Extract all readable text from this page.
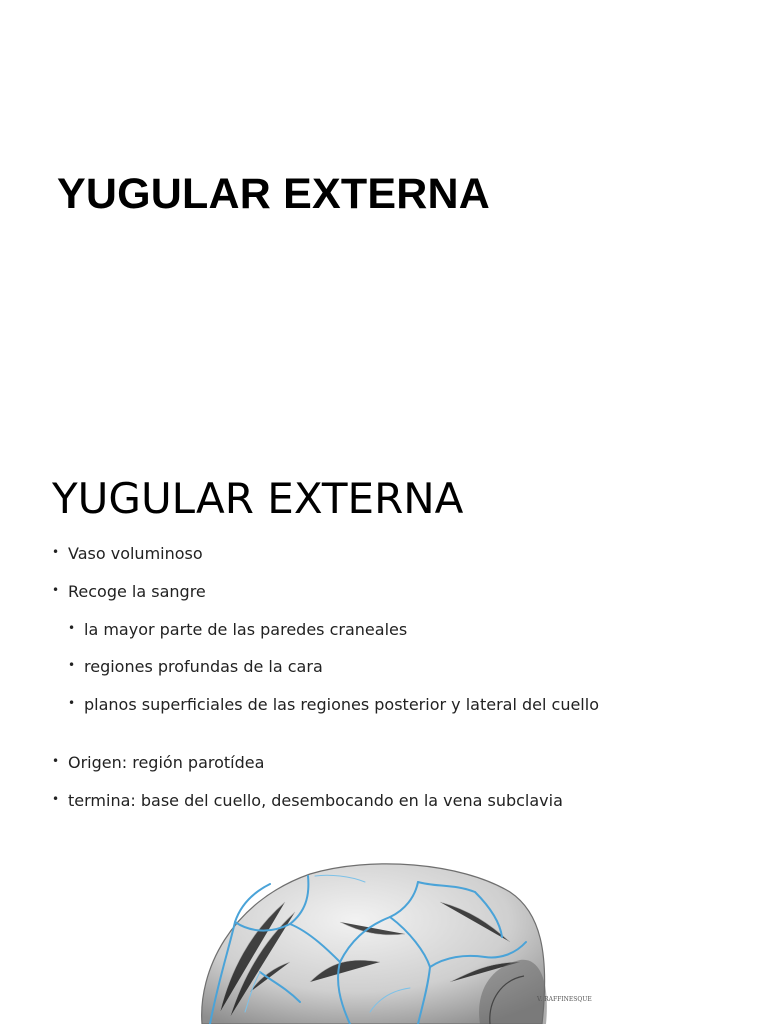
YUGULAR EXTERNA
YUGULAR EXTERNA
• Vaso voluminoso
• Recoge la sangre
• la mayor parte de las paredes craneales
• regiones profundas de la cara
• planos superficiales de las regiones posterior y lateral del cuello
• Origen: región parotídea
• termina: base del cuello, desembocando en la vena subclavia
V. RAFFINESQUE
